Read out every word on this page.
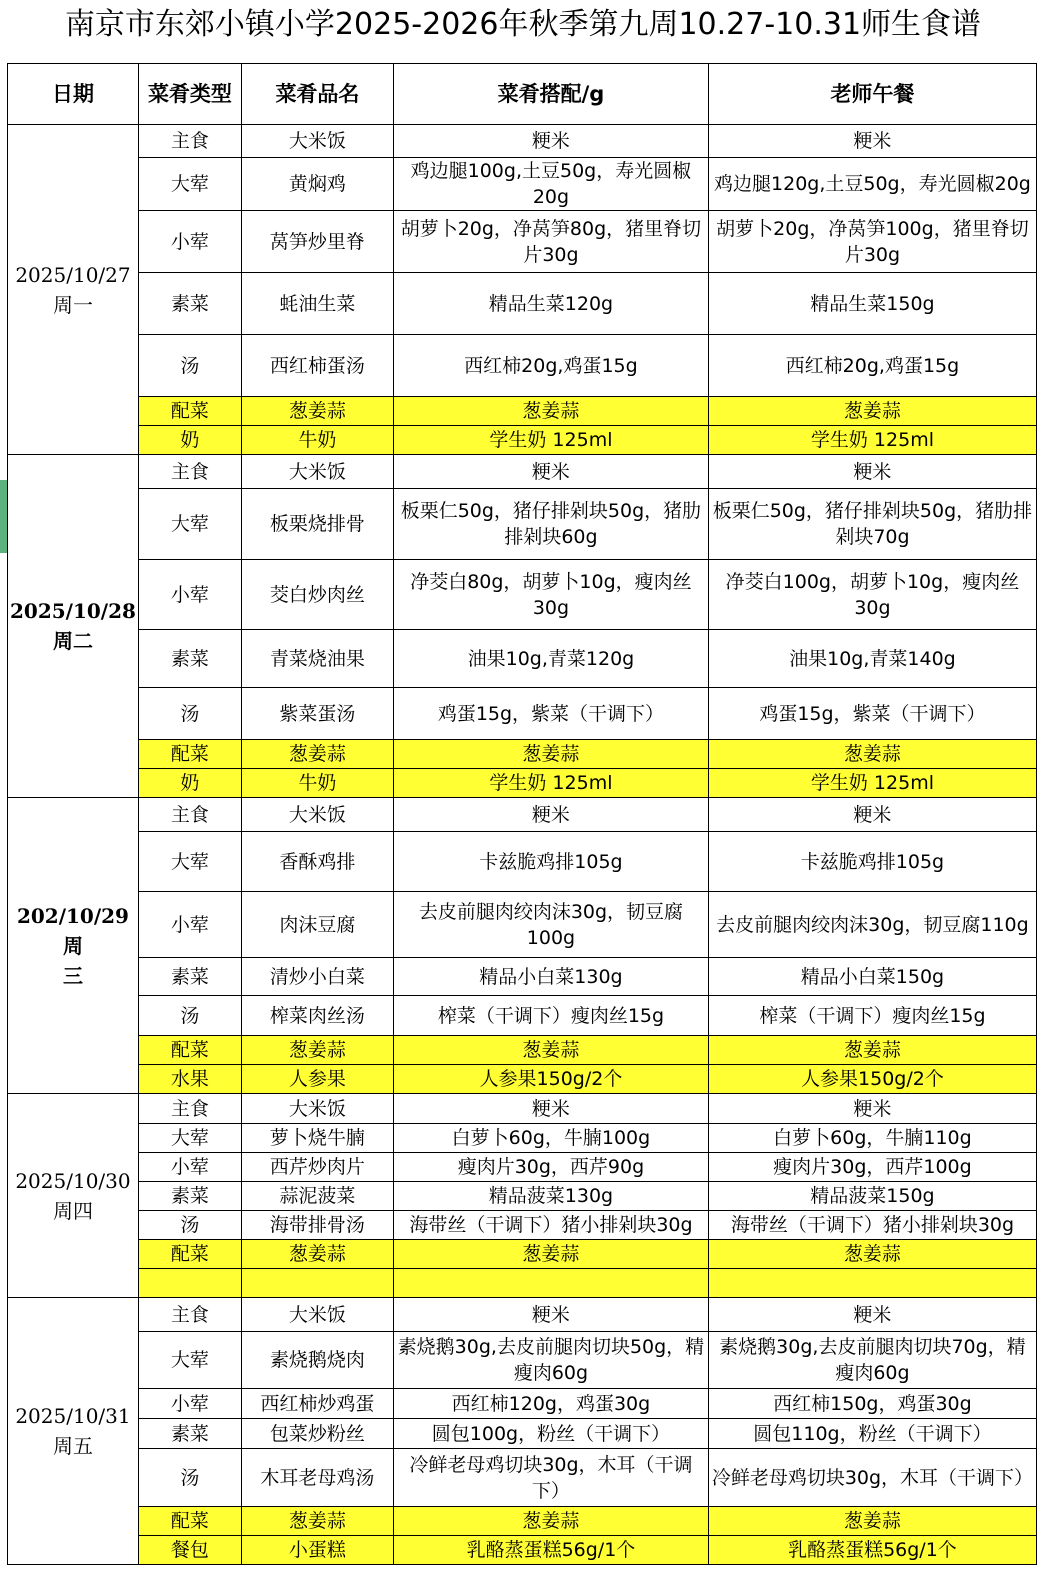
南京市东郊小镇小学2025-2026年秋季第九周10.27-10.31师生食谱
日期	菜肴类型	菜肴品名	菜肴搭配/g	老师午餐

2025/10/27
周一	主食	大米饭	粳米	粳米
	大荤	黄焖鸡	鸡边腿100g,土豆50g，寿光圆椒20g	鸡边腿120g,土豆50g，寿光圆椒20g
	小荤	莴笋炒里脊	胡萝卜20g，净莴笋80g，猪里脊切片30g	胡萝卜20g，净莴笋100g，猪里脊切片30g
	素菜	蚝油生菜	精品生菜120g	精品生菜150g
	汤	西红柿蛋汤	西红柿20g,鸡蛋15g	西红柿20g,鸡蛋15g
	配菜	葱姜蒜	葱姜蒜	葱姜蒜
	奶	牛奶	学生奶 125ml	学生奶 125ml

2025/10/28
周二	主食	大米饭	粳米	粳米
	大荤	板栗烧排骨	板栗仁50g，猪仔排剁块50g，猪肋排剁块60g	板栗仁50g，猪仔排剁块50g，猪肋排剁块70g
	小荤	茭白炒肉丝	净茭白80g，胡萝卜10g，瘦肉丝30g	净茭白100g，胡萝卜10g，瘦肉丝30g
	素菜	青菜烧油果	油果10g,青菜120g	油果10g,青菜140g
	汤	紫菜蛋汤	鸡蛋15g，紫菜（干调下）	鸡蛋15g，紫菜（干调下）
	配菜	葱姜蒜	葱姜蒜	葱姜蒜
	奶	牛奶	学生奶 125ml	学生奶 125ml

202/10/29 周
三	主食	大米饭	粳米	粳米
	大荤	香酥鸡排	卡兹脆鸡排105g	卡兹脆鸡排105g
	小荤	肉沫豆腐	去皮前腿肉绞肉沫30g，韧豆腐100g	去皮前腿肉绞肉沫30g，韧豆腐110g
	素菜	清炒小白菜	精品小白菜130g	精品小白菜150g
	汤	榨菜肉丝汤	榨菜（干调下）瘦肉丝15g	榨菜（干调下）瘦肉丝15g
	配菜	葱姜蒜	葱姜蒜	葱姜蒜
	水果	人参果	人参果150g/2个	人参果150g/2个

2025/10/30
周四	主食	大米饭	粳米	粳米
	大荤	萝卜烧牛腩	白萝卜60g，牛腩100g	白萝卜60g，牛腩110g
	小荤	西芹炒肉片	瘦肉片30g，西芹90g	瘦肉片30g，西芹100g
	素菜	蒜泥菠菜	精品菠菜130g	精品菠菜150g
	汤	海带排骨汤	海带丝（干调下）猪小排剁块30g	海带丝（干调下）猪小排剁块30g
	配菜	葱姜蒜	葱姜蒜	葱姜蒜

2025/10/31
周五	主食	大米饭	粳米	粳米
	大荤	素烧鹅烧肉	素烧鹅30g,去皮前腿肉切块50g，精瘦肉60g	素烧鹅30g,去皮前腿肉切块70g，精瘦肉60g
	小荤	西红柿炒鸡蛋	西红柿120g，鸡蛋30g	西红柿150g，鸡蛋30g
	素菜	包菜炒粉丝	圆包100g，粉丝（干调下）	圆包110g，粉丝（干调下）
	汤	木耳老母鸡汤	冷鲜老母鸡切块30g，木耳（干调下）	冷鲜老母鸡切块30g，木耳（干调下）
	配菜	葱姜蒜	葱姜蒜	葱姜蒜
	餐包	小蛋糕	乳酪蒸蛋糕56g/1个	乳酪蒸蛋糕56g/1个
